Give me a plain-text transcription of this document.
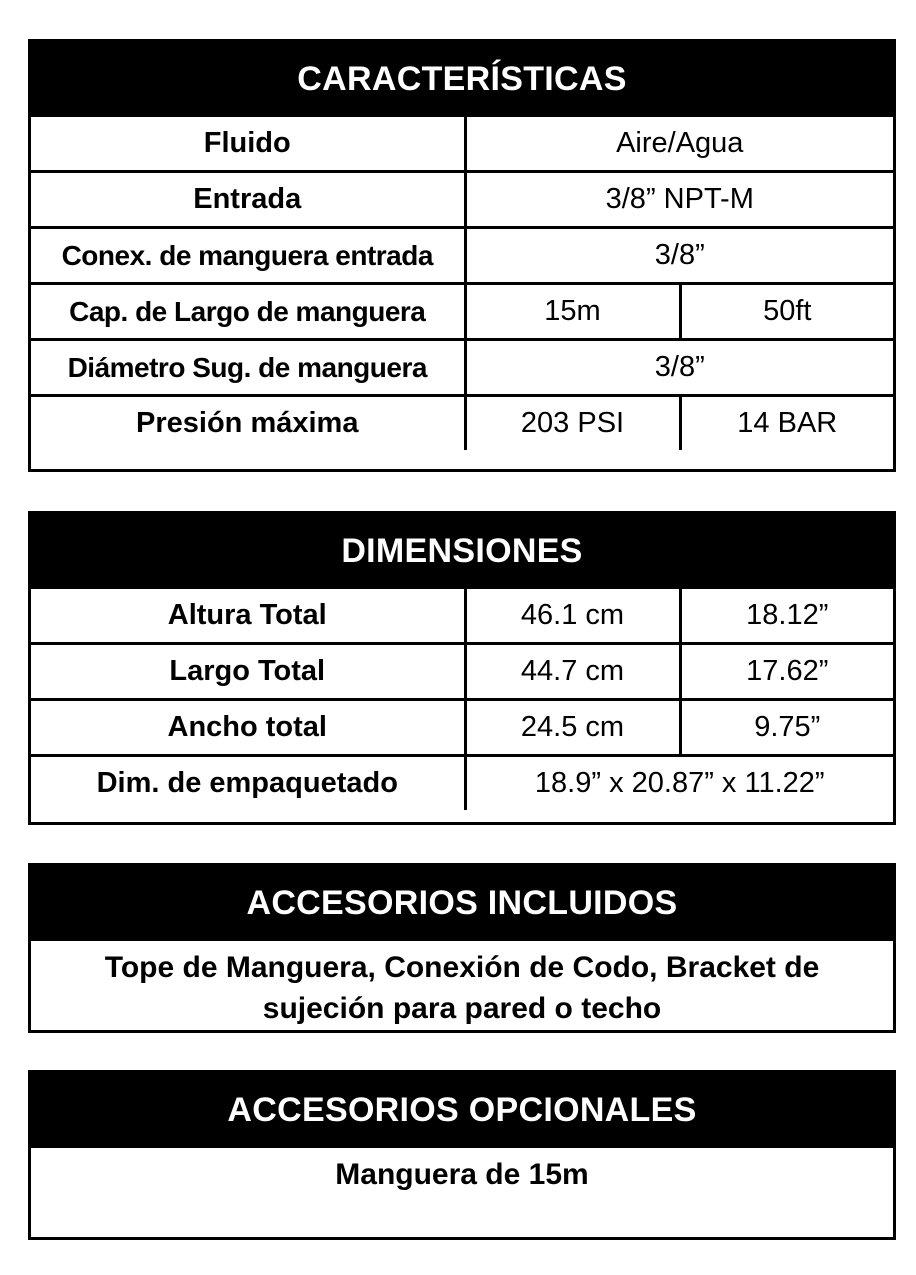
CARACTERÍSTICAS
Fluido	Aire/Agua	
Entrada	3/8” NPT-M	
Conex. de manguera entrada	3/8”	
Cap. de Largo de manguera	15m	50ft
Diámetro Sug. de manguera	3/8”	
Presión máxima	203 PSI	14 BAR
DIMENSIONES
Altura Total	46.1 cm	18.12”
Largo Total	44.7 cm	17.62”
Ancho total	24.5 cm	9.75”
Dim. de empaquetado	18.9” x 20.87” x 11.22”	
ACCESORIOS INCLUIDOS
Tope de Manguera, Conexión de Codo, Bracket de
sujeción para pared o techo
ACCESORIOS OPCIONALES
Manguera de 15m
